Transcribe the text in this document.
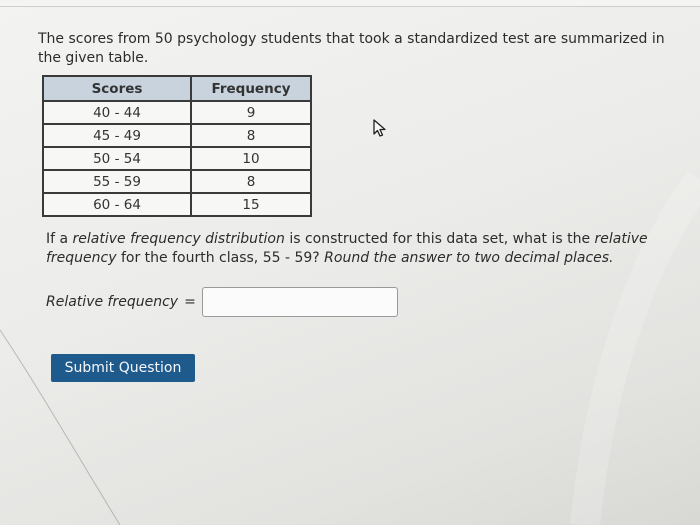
The scores from 50 psychology students that took a standardized test are summarized in the given table.

Scores	Frequency
40 - 44	9
45 - 49	8
50 - 54	10
55 - 59	8
60 - 64	15

If a relative frequency distribution is constructed for this data set, what is the relative frequency for the fourth class, 55 - 59? Round the answer to two decimal places.

Relative frequency =
Submit Question
